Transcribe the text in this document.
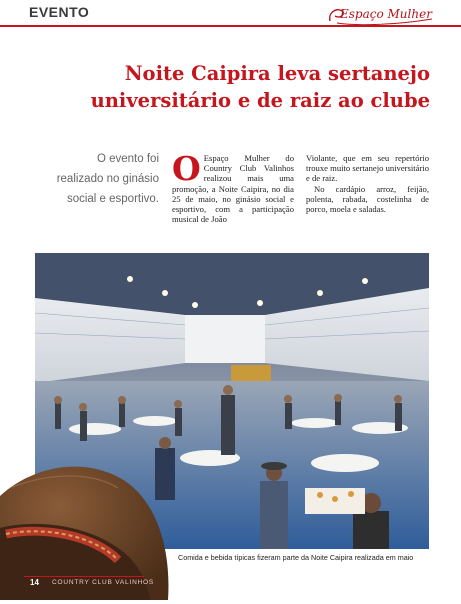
EVENTO	Espaço Mulher
Noite Caipira leva sertanejo
universitário e de raiz ao clube
O evento foi
realizado no ginásio
social e esportivo.
O Espaço Mulher do Country Club Valinhos realizou mais uma promoção, a Noite Caipira, no dia 25 de maio, no ginásio social e esportivo, com a participação musical de João

Violante, que em seu repertório trouxe muito sertanejo universitário e de raiz.

No cardápio arroz, feijão, polenta, rabada, costelinha de porco, moela e saladas.

Comida e bebida típicas fizeram parte da Noite Caipira realizada em maio
14 COUNTRY CLUB VALINHOS
